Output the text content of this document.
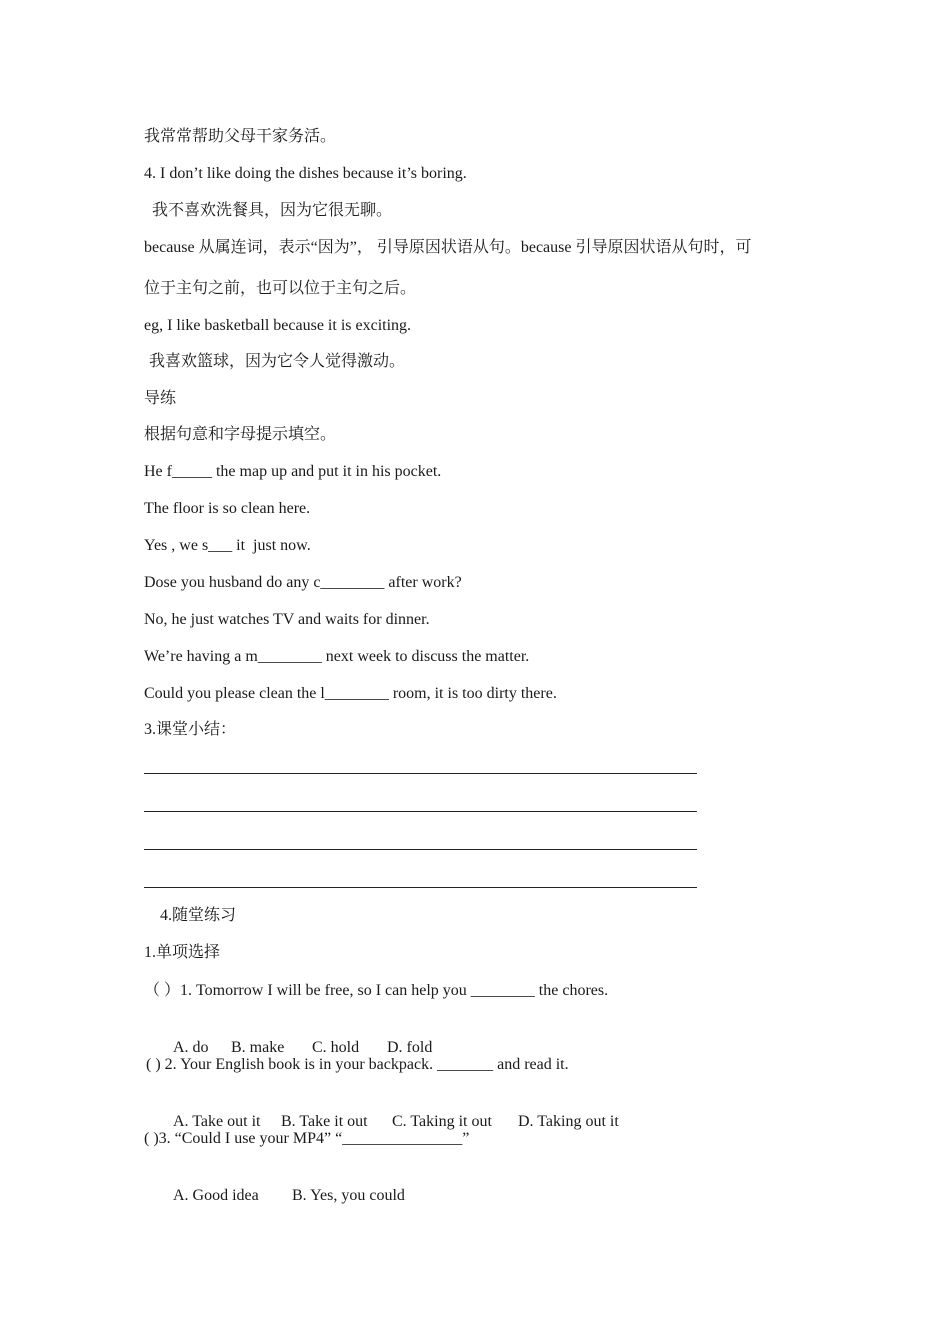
我常常帮助父母干家务活。
4. I don’t like doing the dishes because it’s boring.
我不喜欢洗餐具，因为它很无聊。
because 从属连词，表示“因为”， 引导原因状语从句。because 引导原因状语从句时，可
位于主句之前，也可以位于主句之后。
eg, I like basketball because it is exciting.
我喜欢篮球，因为它令人觉得激动。
导练
根据句意和字母提示填空。
He f_____ the map up and put it in his pocket.
The floor is so clean here.
Yes , we s___ it  just now.
Dose you husband do any c________ after work?
No, he just watches TV and waits for dinner.
We’re having a m________ next week to discuss the matter.
Could you please clean the l________ room, it is too dirty there.
3.课堂小结：
4.随堂练习
1.单项选择
（ ）1. Tomorrow I will be free, so I can help you ________ the chores.

A. do B. make C. hold D. fold

( ) 2. Your English book is in your backpack. _______ and read it.

A. Take out it B. Take it out C. Taking it out D. Taking out it

( )3. “Could I use your MP4” “_______________”

A. Good idea B. Yes, you could
